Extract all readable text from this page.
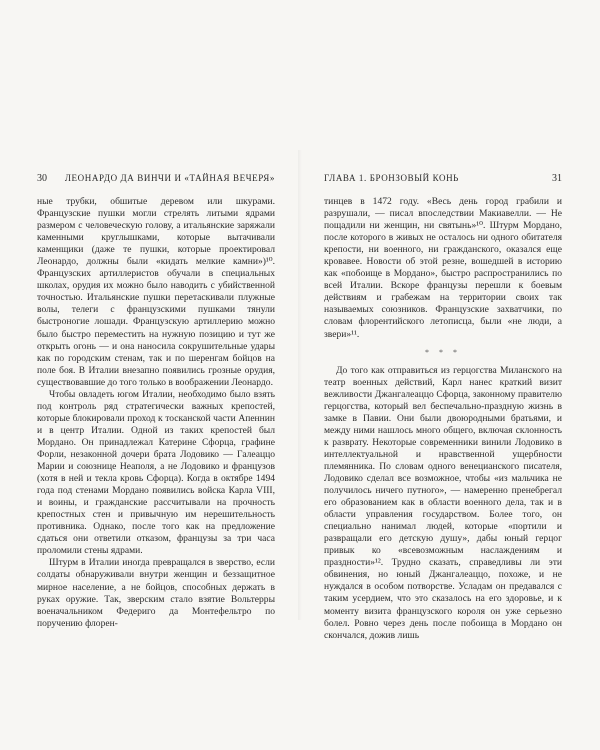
30 ЛЕОНАРДО ДА ВИНЧИ И «ТАЙНАЯ ВЕЧЕРЯ»

ные трубки, обшитые деревом или шкурами. Французские пушки могли стрелять литыми ядрами размером с человеческую голову, а итальянские заряжали каменными круглышками, которые вытачивали каменщики (даже те пушки, которые проектировал Леонардо, должны были «кидать мелкие камни»)¹⁰. Французских артиллеристов обучали в специальных школах, орудия их можно было наводить с убийственной точностью. Итальянские пушки перетаскивали плужные волы, телеги с французскими пушками тянули быстроногие лошади. Французскую артиллерию можно было быстро переместить на нужную позицию и тут же открыть огонь — и она наносила сокрушительные удары как по городским стенам, так и по шеренгам бойцов на поле боя. В Италии внезапно появились грозные орудия, существовавшие до того только в воображении Леонардо.

Чтобы овладеть югом Италии, необходимо было взять под контроль ряд стратегически важных крепостей, которые блокировали проход к тосканской части Апеннин и в центр Италии. Одной из таких крепостей был Мордано. Он принадлежал Катерине Сфорца, графине Форли, незаконной дочери брата Лодовико — Галеаццо Марии и союзнице Неаполя, а не Лодовико и французов (хотя в ней и текла кровь Сфорца). Когда в октябре 1494 года под стенами Мордано появились войска Карла VIII, и воины, и гражданские рассчитывали на прочность крепостных стен и привычную им нерешительность противника. Однако, после того как на предложение сдаться они ответили отказом, французы за три часа проломили стены ядрами.

Штурм в Италии иногда превращался в зверство, если солдаты обнаруживали внутри женщин и беззащитное мирное население, а не бойцов, способных держать в руках оружие. Так, зверским стало взятие Вольтерры военачальником Федериго да Монтефельтро по поручению флорен-

ГЛАВА 1. БРОНЗОВЫЙ КОНЬ	31

тинцев в 1472 году. «Весь день город грабили и разрушали, — писал впоследствии Макиавелли. — Не пощадили ни женщин, ни святынь»¹⁰. Штурм Мордано, после которого в живых не осталось ни одного обитателя крепости, ни военного, ни гражданского, оказался еще кровавее. Новости об этой резне, вошедшей в историю как «побоище в Мордано», быстро распространились по всей Италии. Вскоре французы перешли к боевым действиям и грабежам на территории своих так называемых союзников. Французские захватчики, по словам флорентийского летописца, были «не люди, а звери»¹¹.

* * *

До того как отправиться из герцогства Миланского на театр военных действий, Карл нанес краткий визит вежливости Джангалеаццо Сфорца, законному правителю герцогства, который вел беспечально-праздную жизнь в замке в Павии. Они были двоюродными братьями, и между ними нашлось много общего, включая склонность к разврату. Некоторые современники винили Лодовико в интеллектуальной и нравственной ущербности племянника. По словам одного венецианского писателя, Лодовико сделал все возможное, чтобы «из мальчика не получилось ничего путного», — намеренно пренебрегал его образованием как в области военного дела, так и в области управления государством. Более того, он специально нанимал людей, которые «портили и развращали его детскую душу», дабы юный герцог привык ко «всевозможным наслаждениям и праздности»¹². Трудно сказать, справедливы ли эти обвинения, но юный Джангалеаццо, похоже, и не нуждался в особом потворстве. Усладам он предавался с таким усердием, что это сказалось на его здоровье, и к моменту визита французского короля он уже серьезно болел. Ровно через день после побоища в Мордано он скончался, дожив лишь
